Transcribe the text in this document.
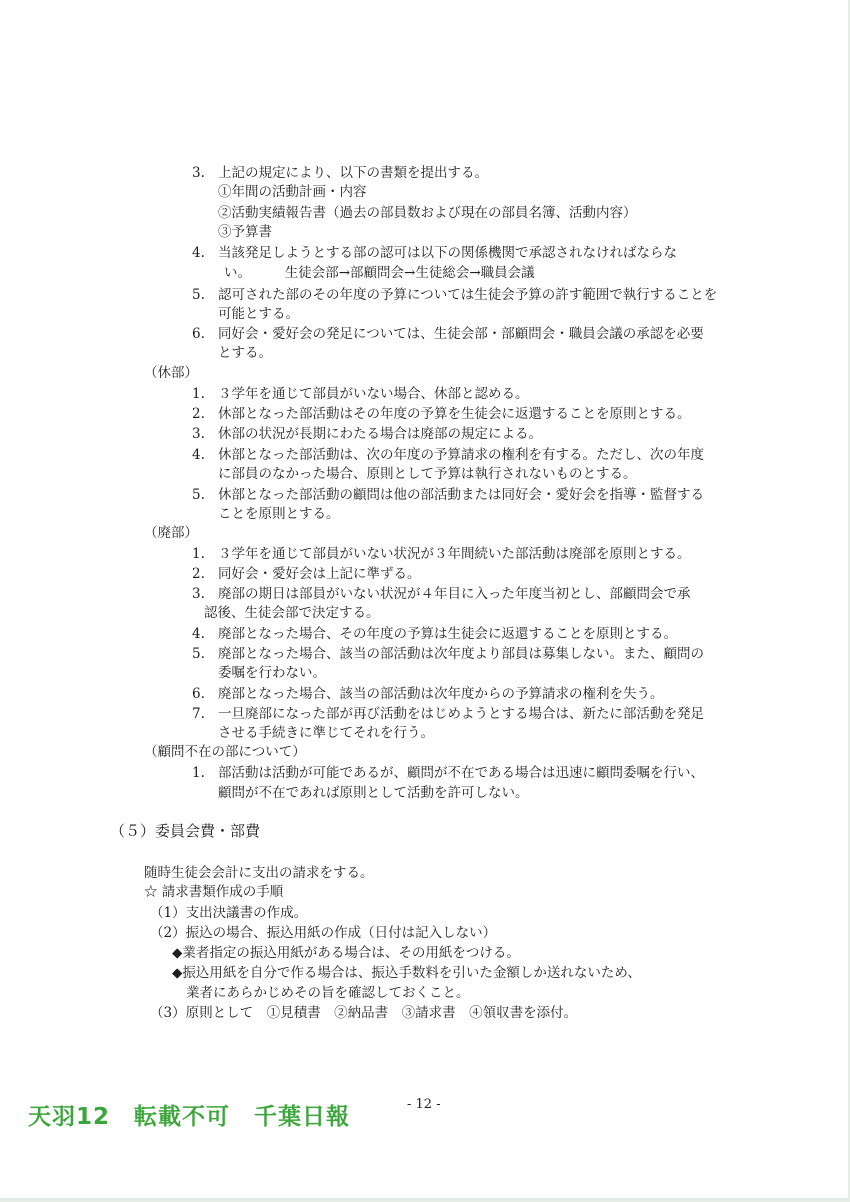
3. 上記の規定により、以下の書類を提出する。
①年間の活動計画・内容
②活動実績報告書（過去の部員数および現在の部員名簿、活動内容）
③予算書
4. 当該発足しようとする部の認可は以下の関係機関で承認されなければならな
い。　　　生徒会部→部顧問会→生徒総会→職員会議
5. 認可された部のその年度の予算については生徒会予算の許す範囲で執行することを
可能とする。
6. 同好会・愛好会の発足については、生徒会部・部顧問会・職員会議の承認を必要
とする。
（休部）
1. ３学年を通じて部員がいない場合、休部と認める。
2. 休部となった部活動はその年度の予算を生徒会に返還することを原則とする。
3. 休部の状況が長期にわたる場合は廃部の規定による。
4. 休部となった部活動は、次の年度の予算請求の権利を有する。ただし、次の年度
に部員のなかった場合、原則として予算は執行されないものとする。
5. 休部となった部活動の顧問は他の部活動または同好会・愛好会を指導・監督する
ことを原則とする。
（廃部）
1. ３学年を通じて部員がいない状況が３年間続いた部活動は廃部を原則とする。
2. 同好会・愛好会は上記に準ずる。
3. 廃部の期日は部員がいない状況が４年目に入った年度当初とし、部顧問会で承
認後、生徒会部で決定する。
4. 廃部となった場合、その年度の予算は生徒会に返還することを原則とする。
5. 廃部となった場合、該当の部活動は次年度より部員は募集しない。また、顧問の
委嘱を行わない。
6. 廃部となった場合、該当の部活動は次年度からの予算請求の権利を失う。
7. 一旦廃部になった部が再び活動をはじめようとする場合は、新たに部活動を発足
させる手続きに準じてそれを行う。
（顧問不在の部について）
1. 部活動は活動が可能であるが、顧問が不在である場合は迅速に顧問委嘱を行い、
顧問が不在であれば原則として活動を許可しない。
（５）委員会費・部費
随時生徒会会計に支出の請求をする。
☆ 請求書類作成の手順
（1）支出決議書の作成。
（2）振込の場合、振込用紙の作成（日付は記入しない）
◆業者指定の振込用紙がある場合は、その用紙をつける。
◆振込用紙を自分で作る場合は、振込手数料を引いた金額しか送れないため、
業者にあらかじめその旨を確認しておくこと。
（3）原則として　①見積書　②納品書　③請求書　④領収書を添付。
天羽12　転載不可　千葉日報	- 12 -
